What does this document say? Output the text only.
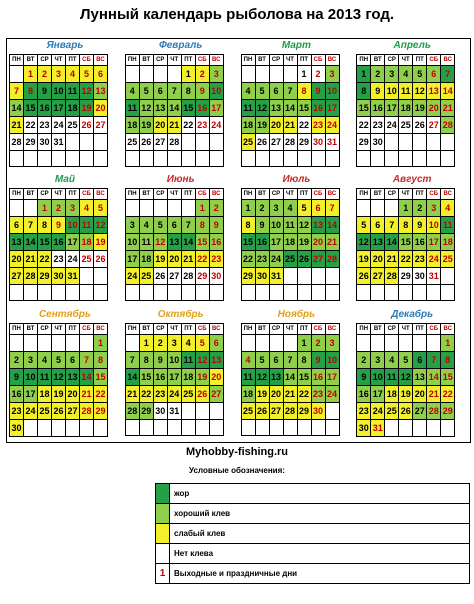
Лунный календарь рыболова на 2013 год.
Январь
ПН	ВТ	СР	ЧТ	ПТ	СБ	ВС
	1	2	3	4	5	6
7	8	9	10	11	12	13
14	15	16	17	18	19	20
21	22	23	24	25	26	27
28	29	30	31			

Февраль
ПН	ВТ	СР	ЧТ	ПТ	СБ	ВС
				1	2	3
4	5	6	7	8	9	10
11	12	13	14	15	16	17
18	19	20	21	22	23	24
25	26	27	28			

Март
ПН	ВТ	СР	ЧТ	ПТ	СБ	ВС
				1	2	3
4	5	6	7	8	9	10
11	12	13	14	15	16	17
18	19	20	21	22	23	24
25	26	27	28	29	30	31

Апрель
ПН	ВТ	СР	ЧТ	ПТ	СБ	ВС
1	2	3	4	5	6	7
8	9	10	11	12	13	14
15	16	17	18	19	20	21
22	23	24	25	26	27	28
29	30					

Май
ПН	ВТ	СР	ЧТ	ПТ	СБ	ВС
		1	2	3	4	5
6	7	8	9	10	11	12
13	14	15	16	17	18	19
20	21	22	23	24	25	26
27	28	29	30	31		

Июнь
ПН	ВТ	СР	ЧТ	ПТ	СБ	ВС
					1	2
3	4	5	6	7	8	9
10	11	12	13	14	15	16
17	18	19	20	21	22	23
24	25	26	27	28	29	30

Июль
ПН	ВТ	СР	ЧТ	ПТ	СБ	ВС
1	2	3	4	5	6	7
8	9	10	11	12	13	14
15	16	17	18	19	20	21
22	23	24	25	26	27	28
29	30	31				

Август
ПН	ВТ	СР	ЧТ	ПТ	СБ	ВС
			1	2	3	4
5	6	7	8	9	10	11
12	13	14	15	16	17	18
19	20	21	22	23	24	25
26	27	28	29	30	31	

Сентябрь
ПН	ВТ	СР	ЧТ	ПТ	СБ	ВС
						1
2	3	4	5	6	7	8
9	10	11	12	13	14	15
16	17	18	19	20	21	22
23	24	25	26	27	28	29
30						
Октябрь
ПН	ВТ	СР	ЧТ	ПТ	СБ	ВС
	1	2	3	4	5	6
7	8	9	10	11	12	13
14	15	16	17	18	19	20
21	22	23	24	25	26	27
28	29	30	31			

Ноябрь
ПН	ВТ	СР	ЧТ	ПТ	СБ	ВС
				1	2	3
4	5	6	7	8	9	10
11	12	13	14	15	16	17
18	19	20	21	22	23	24
25	26	27	28	29	30	

Декабрь
ПН	ВТ	СР	ЧТ	ПТ	СБ	ВС
						1
2	3	4	5	6	7	8
9	10	11	12	13	14	15
16	17	18	19	20	21	22
23	24	25	26	27	28	29
30	31					
Myhobby-fishing.ru
Условные обозначения:
	жор
	хороший клев
	слабый клев
	Нет клева
1	Выходные и праздничные дни
